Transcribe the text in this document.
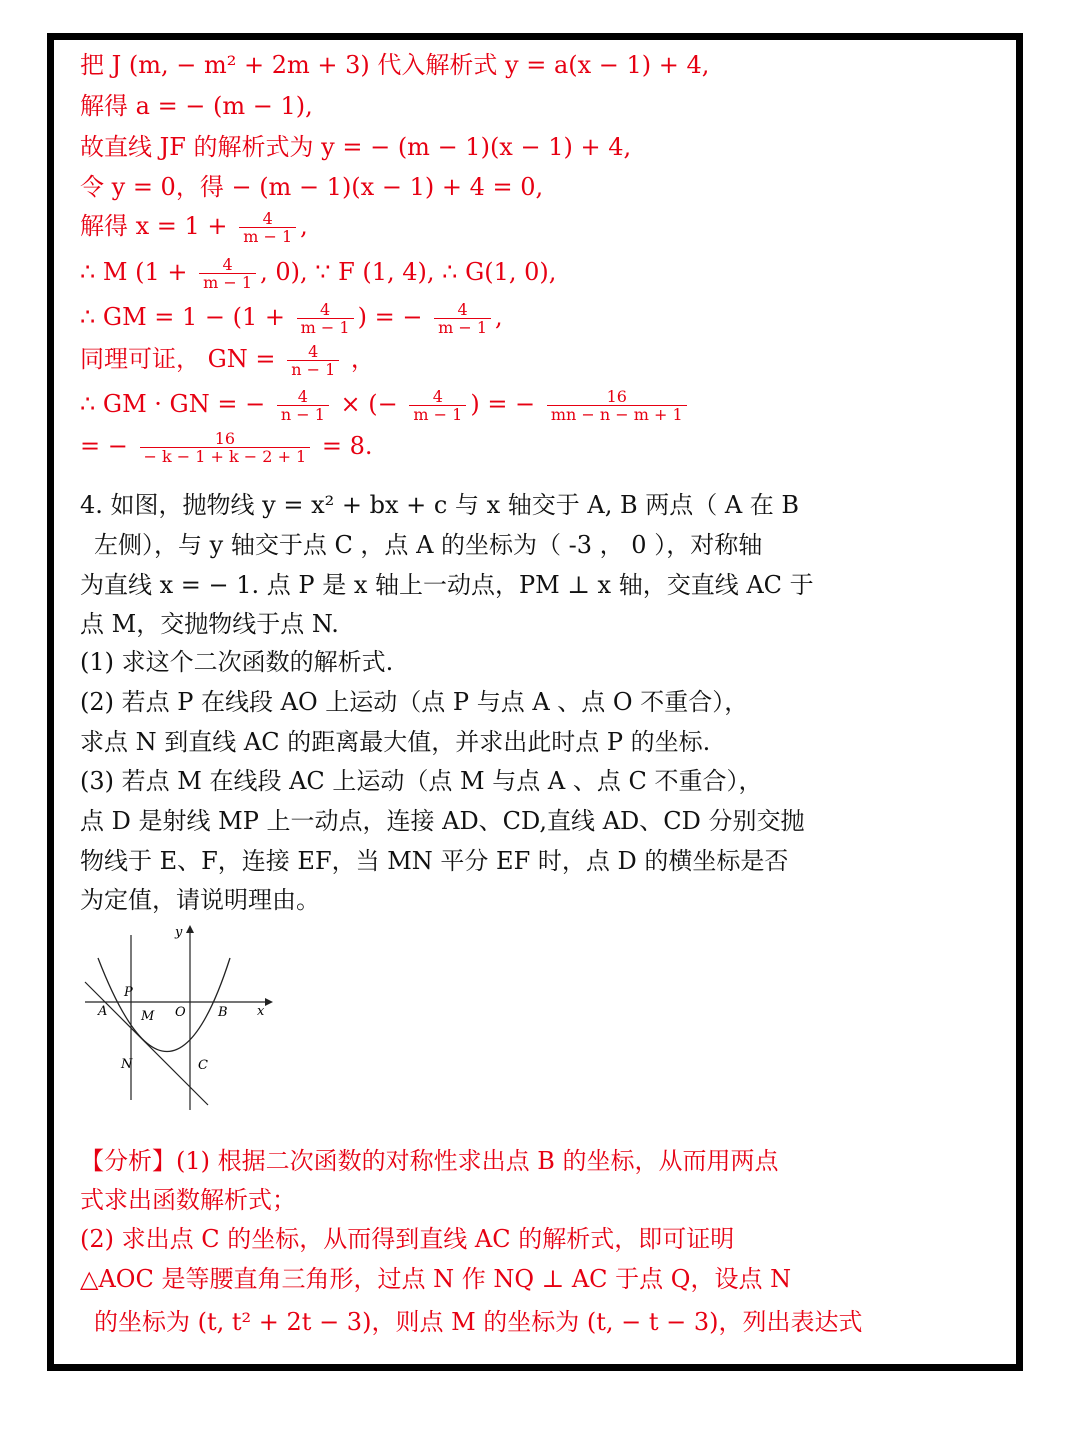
把 J (m, − m² + 2m + 3) 代入解析式 y = a(x − 1) + 4,
解得 a = − (m − 1),
故直线 JF 的解析式为 y = − (m − 1)(x − 1) + 4,
令 y = 0，得 − (m − 1)(x − 1) + 4 = 0,
解得 $x = 1 + \frac{4}{m - 1}$ ,
∴ M ($1 + \frac{4}{m - 1}$ , 0), ∵ F (1, 4), ∴ G(1, 0),
∴ GM = $1 - (1 + \frac{4}{m - 1}$ ) = − $\frac{4}{m - 1}$ ,
同理可证， GN = $\frac{4}{n - 1}$ ，
∴ GM · GN = − $\frac{4}{n - 1}$ × (− $\frac{4}{m - 1}$ ) = − $\frac{16}{mn - n - m + 1}$
= − $\frac{16}{- k - 1 + k - 2 + 1} = 8$.
4. 如图，抛物线 y = x² + bx + c 与 x 轴交于 A, B 两点（ A 在 B
左侧），与 y 轴交于点 C ，点 A 的坐标为（ -3 ， 0 ），对称轴
为直线 x = − 1. 点 P 是 x 轴上一动点，PM ⊥ x 轴，交直线 AC 于
点 M，交抛物线于点 N.
(1) 求这个二次函数的解析式.
(2) 若点 P 在线段 AO 上运动（点 P 与点 A 、点 O 不重合），
求点 N 到直线 AC 的距离最大值，并求出此时点 P 的坐标.
(3) 若点 M 在线段 AC 上运动（点 M 与点 A 、点 C 不重合），
点 D 是射线 MP 上一动点，连接 AD、CD,直线 AD、CD 分别交抛
物线于 E、F，连接 EF，当 MN 平分 EF 时，点 D 的横坐标是否
为定值，请说明理由。
y
x
P
A	M O B
N	C
【分析】(1) 根据二次函数的对称性求出点 B 的坐标，从而用两点
式求出函数解析式；
(2) 求出点 C 的坐标，从而得到直线 AC 的解析式，即可证明
△AOC 是等腰直角三角形，过点 N 作 NQ ⊥ AC 于点 Q，设点 N
的坐标为 (t, t² + 2t − 3)，则点 M 的坐标为 (t, − t − 3)，列出表达式
